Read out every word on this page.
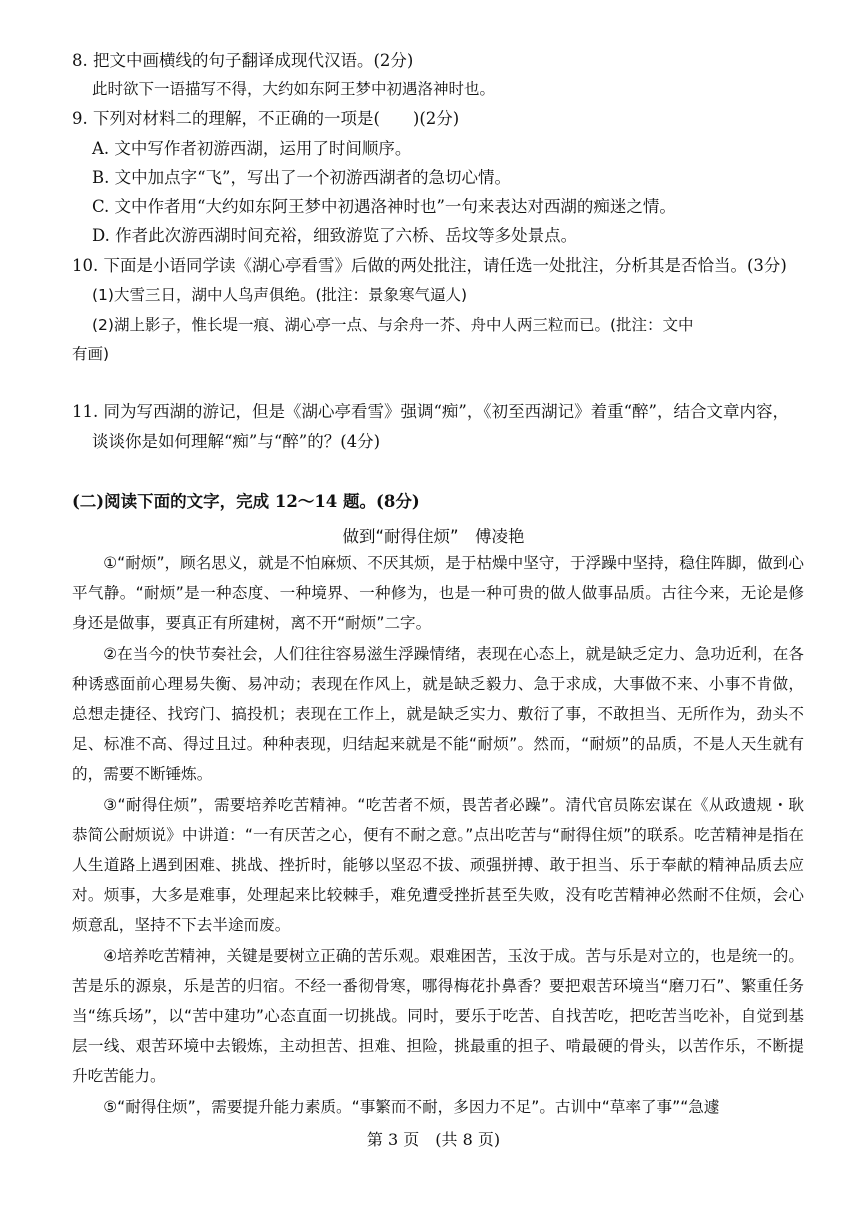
8. 把文中画横线的句子翻译成现代汉语。(2分)
此时欲下一语描写不得，大约如东阿王梦中初遇洛神时也。
9. 下列对材料二的理解，不正确的一项是(　　)(2分)
A. 文中写作者初游西湖，运用了时间顺序。
B. 文中加点字“飞”，写出了一个初游西湖者的急切心情。
C. 文中作者用“大约如东阿王梦中初遇洛神时也”一句来表达对西湖的痴迷之情。
D. 作者此次游西湖时间充裕，细致游览了六桥、岳坟等多处景点。
10. 下面是小语同学读《湖心亭看雪》后做的两处批注，请任选一处批注，分析其是否恰当。(3分)
(1)大雪三日，湖中人鸟声俱绝。(批注：景象寒气逼人)
(2)湖上影子，惟长堤一痕、湖心亭一点、与余舟一芥、舟中人两三粒而已。(批注：文中
有画)
11. 同为写西湖的游记，但是《湖心亭看雪》强调“痴”，《初至西湖记》着重“醉”，结合文章内容，
谈谈你是如何理解“痴”与“醉”的？(4分)
(二)阅读下面的文字，完成 12～14 题。(8分)
做到“耐得住烦”　 傅凌艳

①“耐烦”，顾名思义，就是不怕麻烦、不厌其烦，是于枯燥中坚守，于浮躁中坚持，稳住阵脚，做到心平气静。“耐烦”是一种态度、一种境界、一种修为，也是一种可贵的做人做事品质。古往今来，无论是修身还是做事，要真正有所建树，离不开“耐烦”二字。

②在当今的快节奏社会，人们往往容易滋生浮躁情绪，表现在心态上，就是缺乏定力、急功近利，在各种诱惑面前心理易失衡、易冲动；表现在作风上，就是缺乏毅力、急于求成，大事做不来、小事不肯做，总想走捷径、找窍门、搞投机；表现在工作上，就是缺乏实力、敷衍了事，不敢担当、无所作为，劲头不足、标准不高、得过且过。种种表现，归结起来就是不能“耐烦”。然而，“耐烦”的品质，不是人天生就有的，需要不断锤炼。

③“耐得住烦”，需要培养吃苦精神。“吃苦者不烦，畏苦者必躁”。清代官员陈宏谋在《从政遗规・耿恭简公耐烦说》中讲道：“一有厌苦之心，便有不耐之意。”点出吃苦与“耐得住烦”的联系。吃苦精神是指在人生道路上遇到困难、挑战、挫折时，能够以坚忍不拔、顽强拼搏、敢于担当、乐于奉献的精神品质去应对。烦事，大多是难事，处理起来比较棘手，难免遭受挫折甚至失败，没有吃苦精神必然耐不住烦，会心烦意乱，坚持不下去半途而废。

④培养吃苦精神，关键是要树立正确的苦乐观。艰难困苦，玉汝于成。苦与乐是对立的，也是统一的。苦是乐的源泉，乐是苦的归宿。不经一番彻骨寒，哪得梅花扑鼻香？要把艰苦环境当“磨刀石”、繁重任务当“练兵场”，以“苦中建功”心态直面一切挑战。同时，要乐于吃苦、自找苦吃，把吃苦当吃补，自觉到基层一线、艰苦环境中去锻炼，主动担苦、担难、担险，挑最重的担子、啃最硬的骨头，以苦作乐，不断提升吃苦能力。

⑤“耐得住烦”，需要提升能力素质。“事繁而不耐，多因力不足”。古训中“草率了事”“急遽

第 3 页　(共 8 页)
